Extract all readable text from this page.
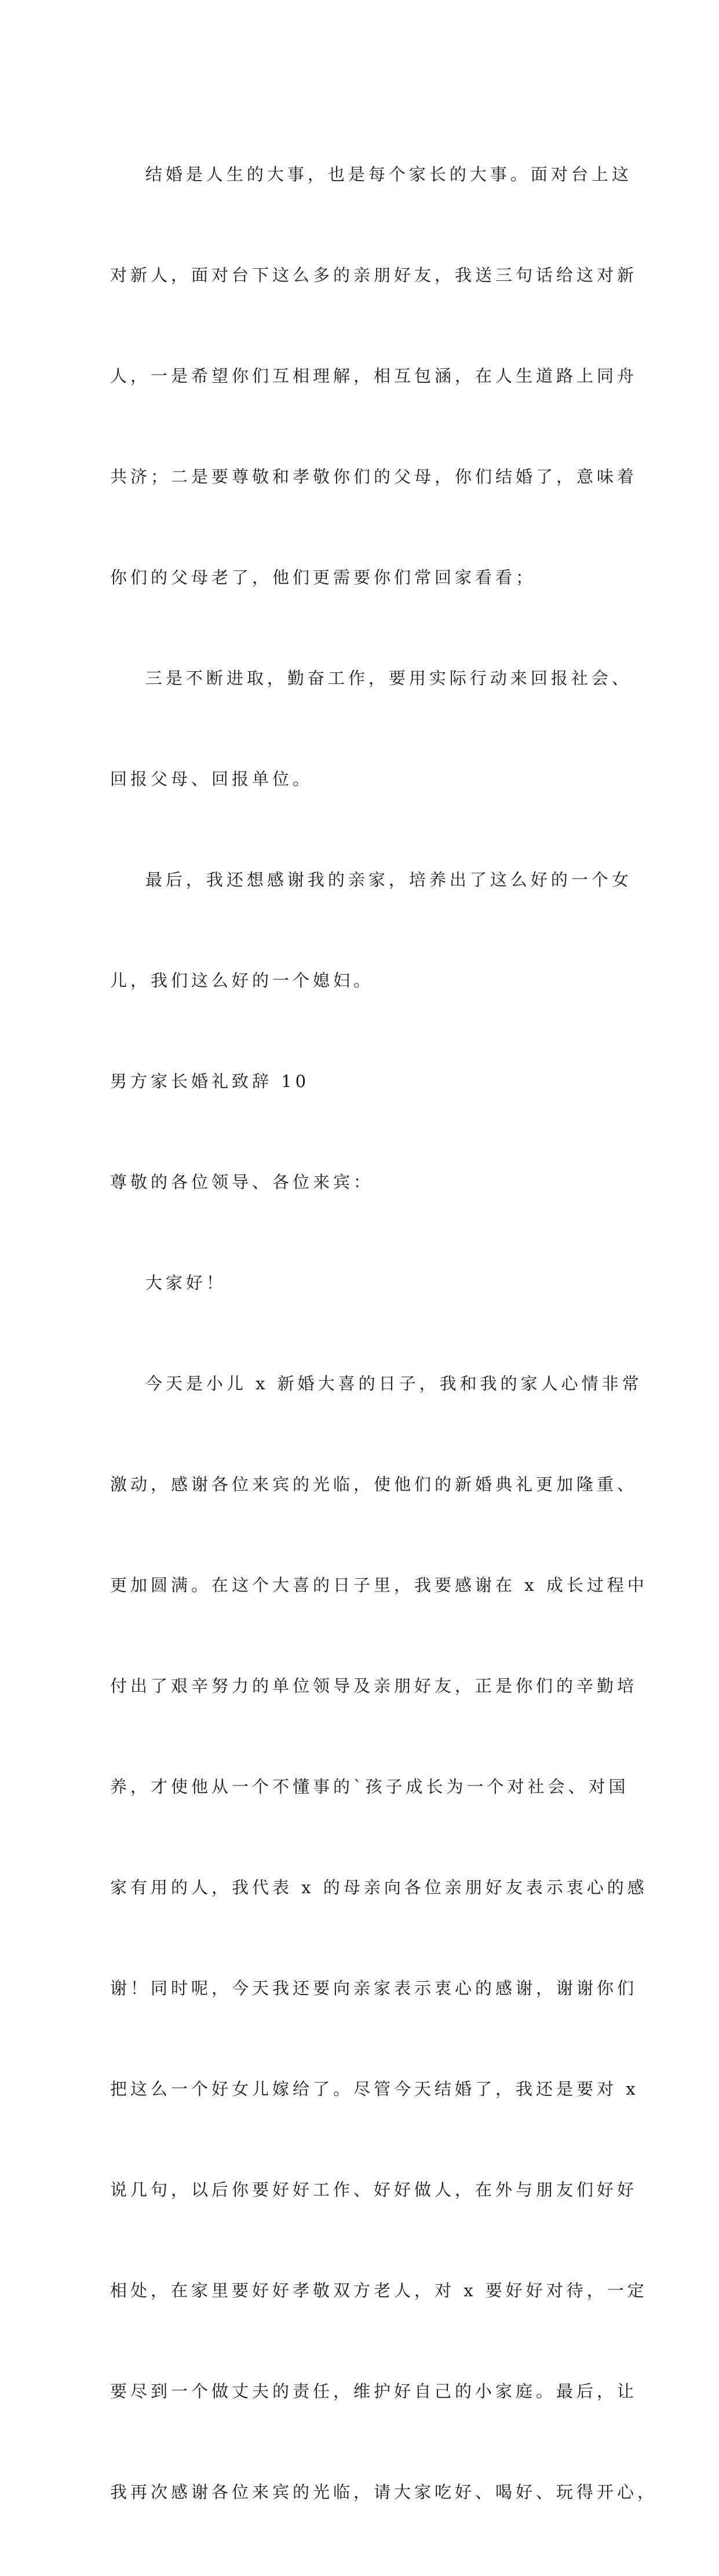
结婚是人生的大事，也是每个家长的大事。面对台上这

对新人，面对台下这么多的亲朋好友，我送三句话给这对新

人，一是希望你们互相理解，相互包涵，在人生道路上同舟

共济；二是要尊敬和孝敬你们的父母，你们结婚了，意味着

你们的父母老了，他们更需要你们常回家看看；

三是不断进取，勤奋工作，要用实际行动来回报社会、

回报父母、回报单位。

最后，我还想感谢我的亲家，培养出了这么好的一个女

儿，我们这么好的一个媳妇。

男方家长婚礼致辞 10

尊敬的各位领导、各位来宾：

大家好！

今天是小儿 x 新婚大喜的日子，我和我的家人心情非常

激动，感谢各位来宾的光临，使他们的新婚典礼更加隆重、

更加圆满。在这个大喜的日子里，我要感谢在 x 成长过程中

付出了艰辛努力的单位领导及亲朋好友，正是你们的辛勤培

养，才使他从一个不懂事的`孩子成长为一个对社会、对国

家有用的人，我代表 x 的母亲向各位亲朋好友表示衷心的感

谢！同时呢，今天我还要向亲家表示衷心的感谢，谢谢你们

把这么一个好女儿嫁给了。尽管今天结婚了，我还是要对 x

说几句，以后你要好好工作、好好做人，在外与朋友们好好

相处，在家里要好好孝敬双方老人，对 x 要好好对待，一定

要尽到一个做丈夫的责任，维护好自己的小家庭。最后，让

我再次感谢各位来宾的光临，请大家吃好、喝好、玩得开心，
